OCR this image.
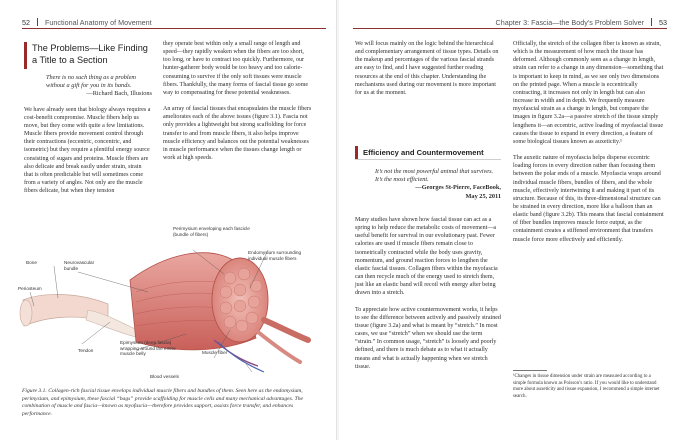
52 Functional Anatomy of Movement
The Problems—Like Finding a Title to a Section
There is no such thing as a problem without a gift for you in its hands.
—Richard Bach, Illusions

We have already seen that biology always requires a cost-benefit compromise. Muscle fibers help us move, but they come with quite a few limitations. Muscle fibers provide movement control through their contractions (eccentric, concentric, and isometric) but they require a plentiful energy source consisting of sugars and proteins. Muscle fibers are also delicate and break easily under strain, strain that is often predictable but will sometimes come from a variety of angles. Not only are the muscle fibers delicate, but when they tension

they operate best within only a small range of length and speed—they rapidly weaken when the fibers are too short, too long, or have to contract too quickly. Furthermore, our hunter-gatherer body would be too heavy and too calorie-consuming to survive if the only soft tissues were muscle fibers. Thankfully, the many forms of fascial tissue go some way to compensating for these potential weaknesses.

An array of fascial tissues that encapsulates the muscle fibers ameliorates each of the above issues (figure 3.1). Fascia not only provides a lightweight but strong scaffolding for force transfer to and from muscle fibers, it also helps improve muscle efficiency and balances out the potential weaknesses in muscle performance when the tissues change length or work at high speeds.

Perimysium enveloping each fascicle (bundle of fibers)
Endomysium surrounding individual muscle fibers
Bone	Neurovascular bundle
Periosteum
Tendon
Epimysium (deep fascia) wrapping around the entire muscle belly	Muscle fiber
Blood vessels
Figure 3.1. Collagen-rich fascial tissue envelops individual muscle fibers and bundles of them. Seen here as the endomysium, perimysium, and epimysium, these fascial “bags” provide scaffolding for muscle cells and many mechanical advantages. The combination of muscle and fascia—known as myofascia—therefore provides support, assists force transfer, and enhances performance.
Chapter 3: Fascia—the Body’s Problem Solver 53

We will focus mainly on the logic behind the hierarchical and complementary arrangement of tissue types. Details on the makeup and percentages of the various fascial strands are easy to find, and I have suggested further reading resources at the end of this chapter. Understanding the mechanisms used during our movement is more important for us at the moment.

Efficiency and Countermovement
It’s not the most powerful animal that survives. It’s the most efficient.
—Georges St-Pierre, FaceBook,
May 25, 2011

Many studies have shown how fascial tissue can act as a spring to help reduce the metabolic costs of movement—a useful benefit for survival in our evolutionary past. Fewer calories are used if muscle fibers remain close to isometrically contracted while the body uses gravity, momentum, and ground reaction forces to lengthen the elastic fascial tissues. Collagen fibers within the myofascia can then recycle much of the energy used to stretch them, just like an elastic band will recoil with energy after being drawn into a stretch.

To appreciate how active countermovement works, it helps to see the difference between actively and passively strained tissue (figure 3.2a) and what is meant by “stretch.” In most cases, we use “stretch” when we should use the term “strain.” In common usage, “stretch” is loosely and poorly defined, and there is much debate as to what it actually means and what is actually happening when we stretch tissue.

Officially, the stretch of the collagen fiber is known as strain, which is the measurement of how much the tissue has deformed. Although commonly seen as a change in length, strain can refer to a change in any dimension—something that is important to keep in mind, as we see only two dimensions on the printed page. When a muscle is eccentrically contracting, it increases not only in length but can also increase in width and in depth. We frequently measure myofascial strain as a change in length, but compare the images in figure 3.2a—a passive stretch of the tissue simply lengthens it—an eccentric, active loading of myofascial tissue causes the tissue to expand in every direction, a feature of some biological tissues known as auxeticity.¹

The auxetic nature of myofascia helps disperse eccentric loading forces in every direction rather than focusing them between the polar ends of a muscle. Myofascia wraps around individual muscle fibers, bundles of fibers, and the whole muscle, effectively intertwining it and making it part of its structure. Because of this, its three-dimensional structure can be strained in every direction, more like a balloon than an elastic band (figure 3.2b). This means that fascial containment of fiber bundles improves muscle force output, as the containment creates a stiffened environment that transfers muscle force more effectively and efficiently.

¹Changes in tissue dimension under strain are measured according to a simple formula known as Poisson’s ratio. If you would like to understand more about auxeticity and tissue expansion, I recommend a simple internet search.
